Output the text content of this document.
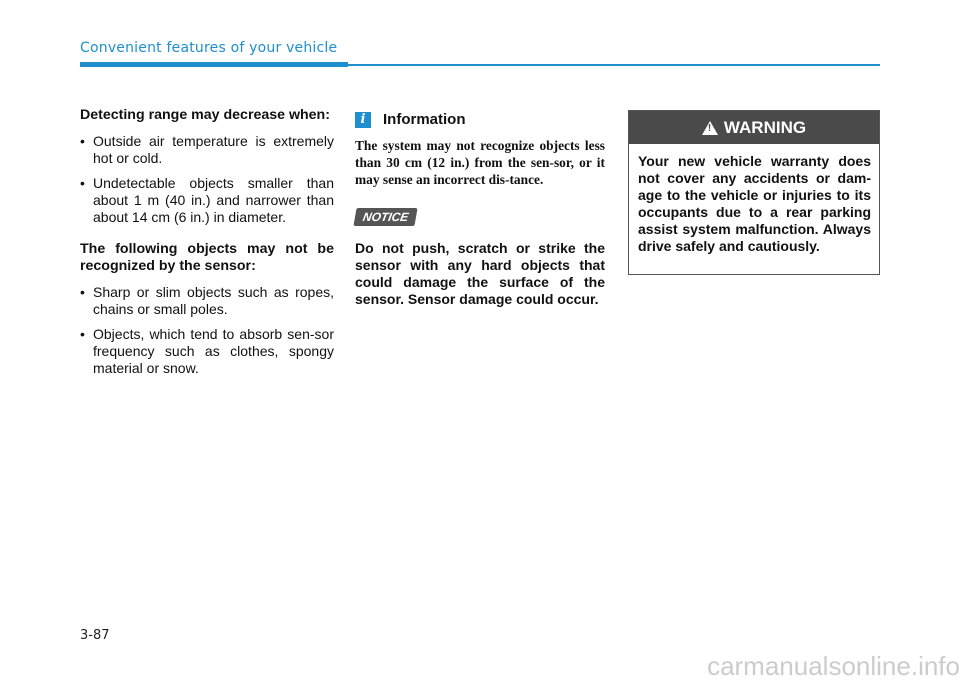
Convenient features of your vehicle

Detecting range may decrease when:

• Outside air temperature is extremely hot or cold.
• Undetectable objects smaller than about 1 m (40 in.) and narrower than about 14 cm (6 in.) in diameter.

The following objects may not be recognized by the sensor:

• Sharp or slim objects such as ropes, chains or small poles.
• Objects, which tend to absorb sen-sor frequency such as clothes, spongy material or snow.
i	Information

The system may not recognize objects less than 30 cm (12 in.) from the sen-sor, or it may sense an incorrect dis-tance.

NOTICE

Do not push, scratch or strike the sensor with any hard objects that could damage the surface of the sensor. Sensor damage could occur.

! WARNING

Your new vehicle warranty does not cover any accidents or dam-age to the vehicle or injuries to its occupants due to a rear parking assist system malfunction. Always drive safely and cautiously.

3-87
carmanualsonline.info
